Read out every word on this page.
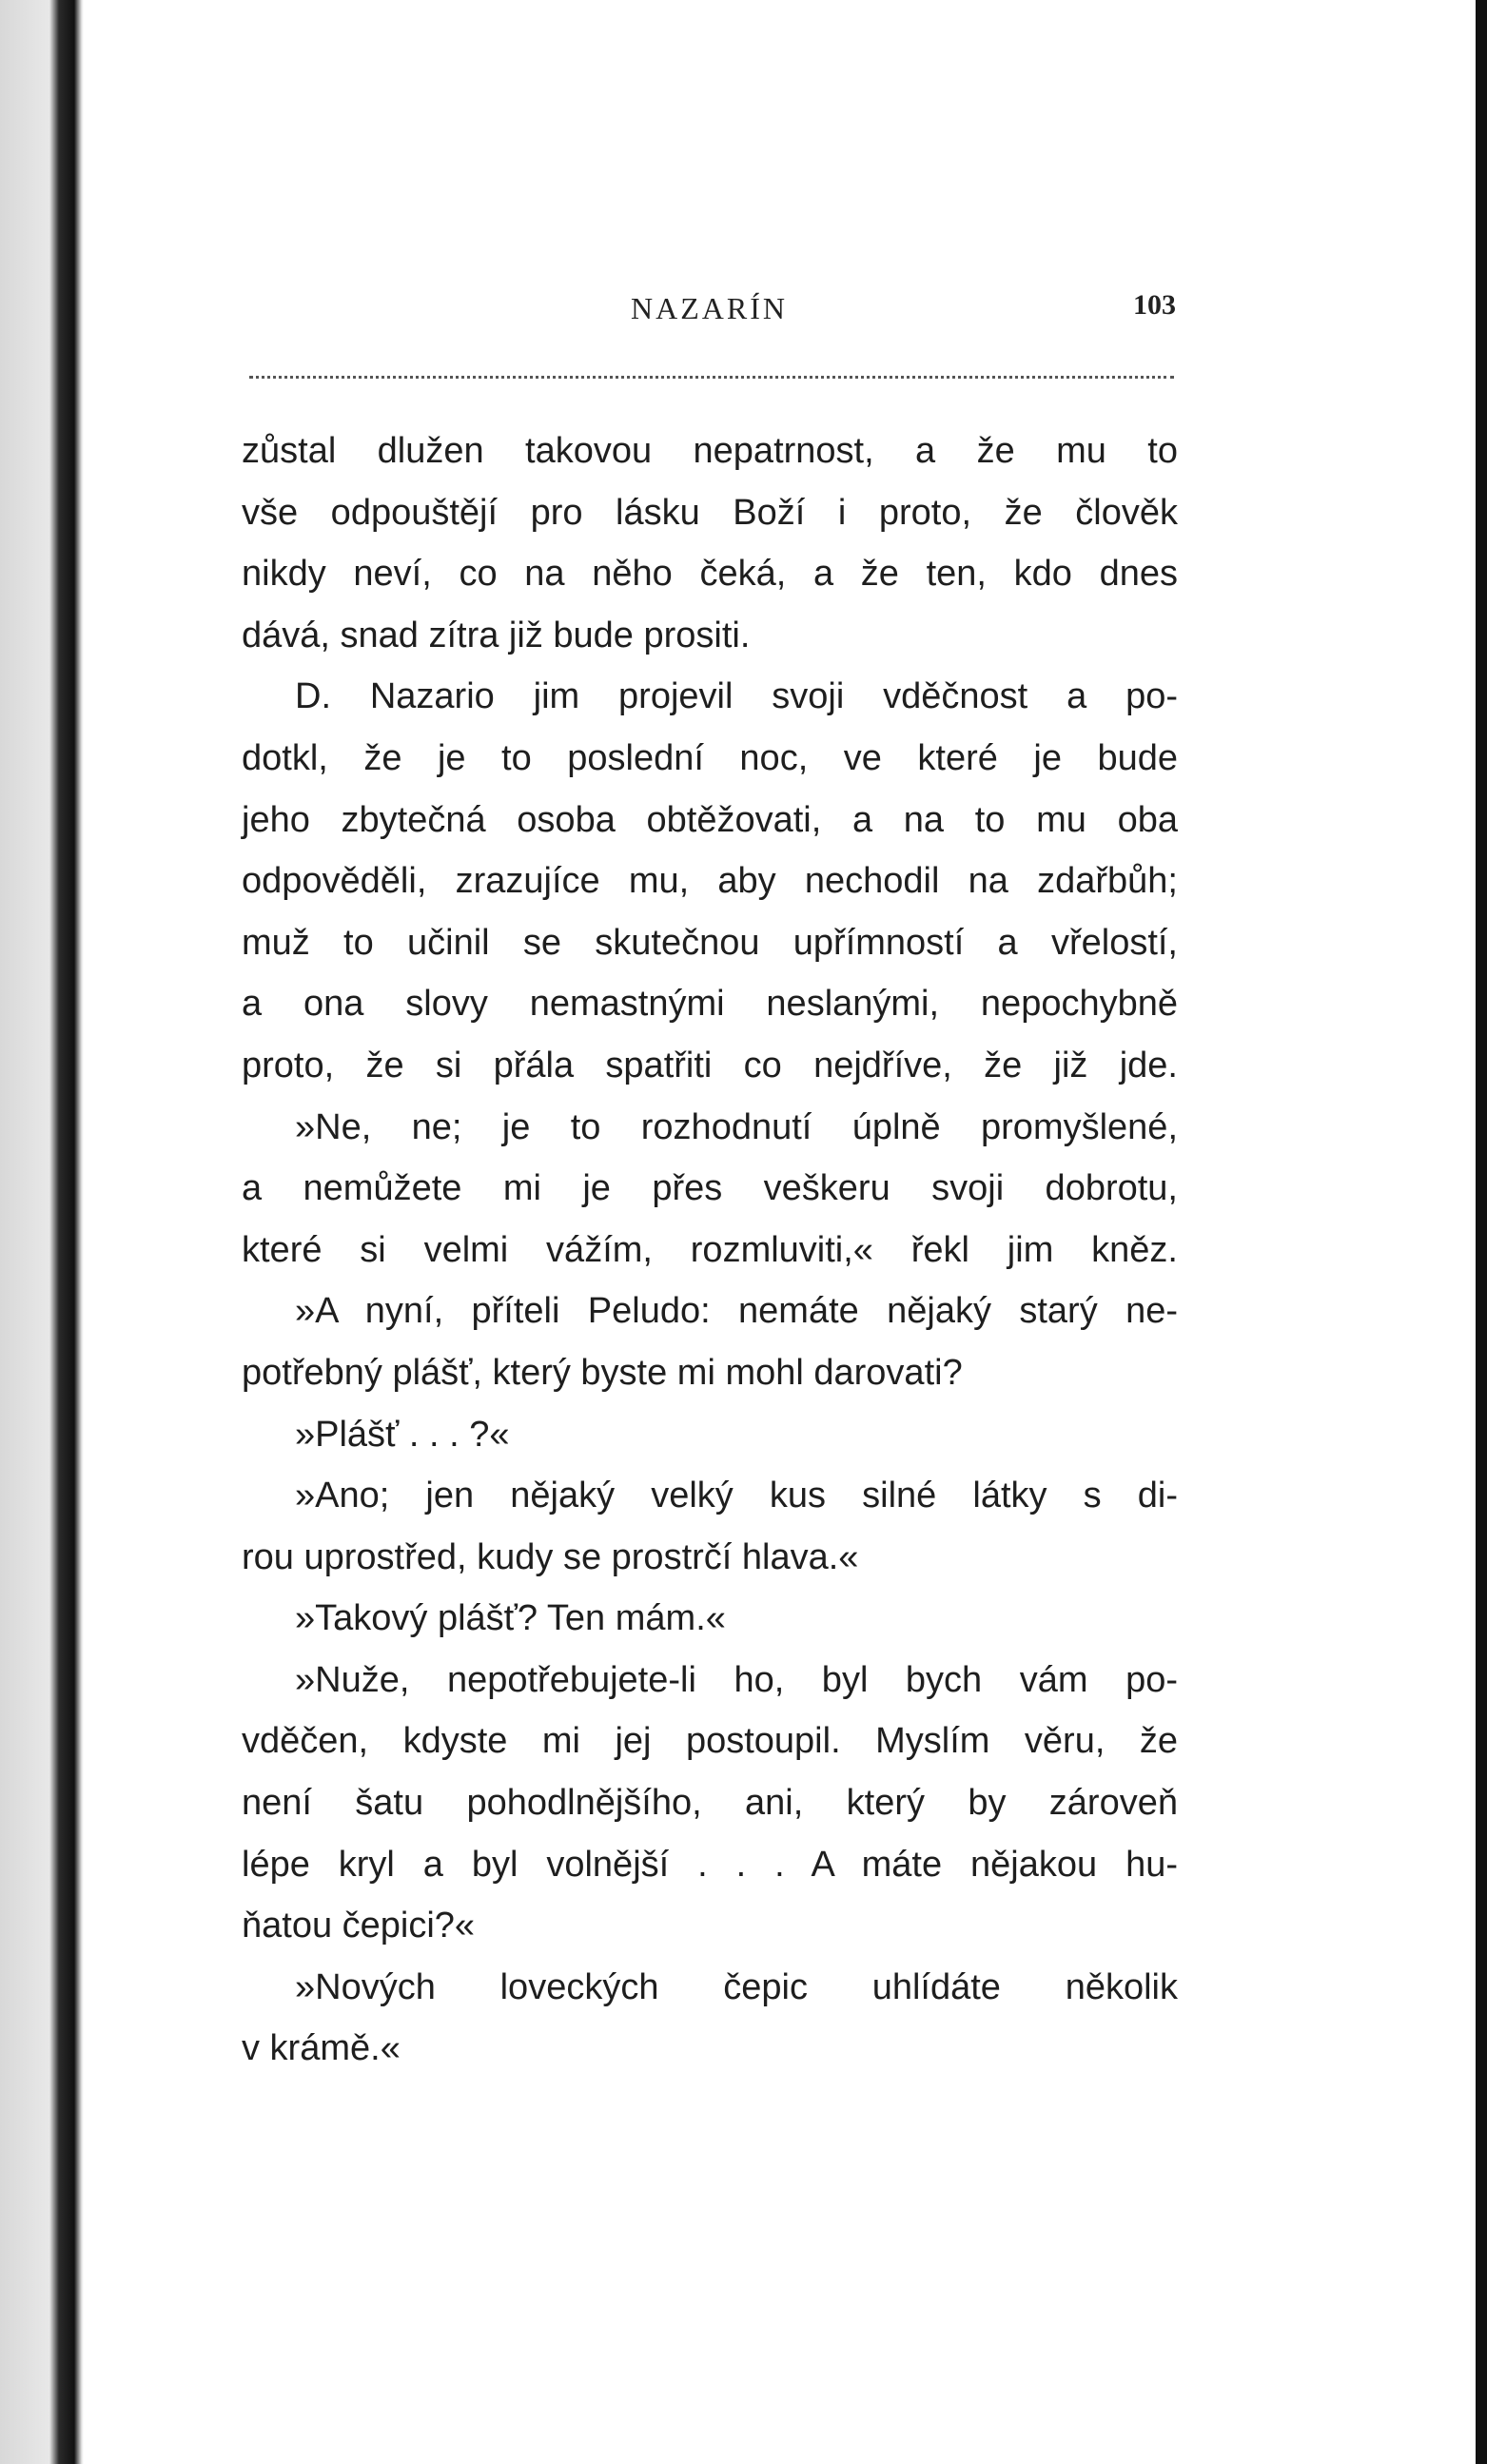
NAZARÍN	103
zůstal dlužen takovou nepatrnost, a že mu to
vše odpouštějí pro lásku Boží i proto, že člověk
nikdy neví, co na něho čeká, a že ten, kdo dnes
dává, snad zítra již bude prositi.
D. Nazario jim projevil svoji vděčnost a po-
dotkl, že je to poslední noc, ve které je bude
jeho zbytečná osoba obtěžovati, a na to mu oba
odpověděli, zrazujíce mu, aby nechodil na zdařbůh;
muž to učinil se skutečnou upřímností a vřelostí,
a ona slovy nemastnými neslanými, nepochybně
proto, že si přála spatřiti co nejdříve, že již jde.
»Ne, ne; je to rozhodnutí úplně promyšlené,
a nemůžete mi je přes veškeru svoji dobrotu,
které si velmi vážím, rozmluviti,« řekl jim kněz.
»A nyní, příteli Peludo: nemáte nějaký starý ne-
potřebný plášť, který byste mi mohl darovati?
»Plášť . . . ?«
»Ano; jen nějaký velký kus silné látky s di-
rou uprostřed, kudy se prostrčí hlava.«
»Takový plášť? Ten mám.«
»Nuže, nepotřebujete-li ho, byl bych vám po-
vděčen, kdyste mi jej postoupil. Myslím věru, že
není šatu pohodlnějšího, ani, který by zároveň
lépe kryl a byl volnější . . . A máte nějakou hu-
ňatou čepici?«
»Nových loveckých čepic uhlídáte několik
v krámě.«
